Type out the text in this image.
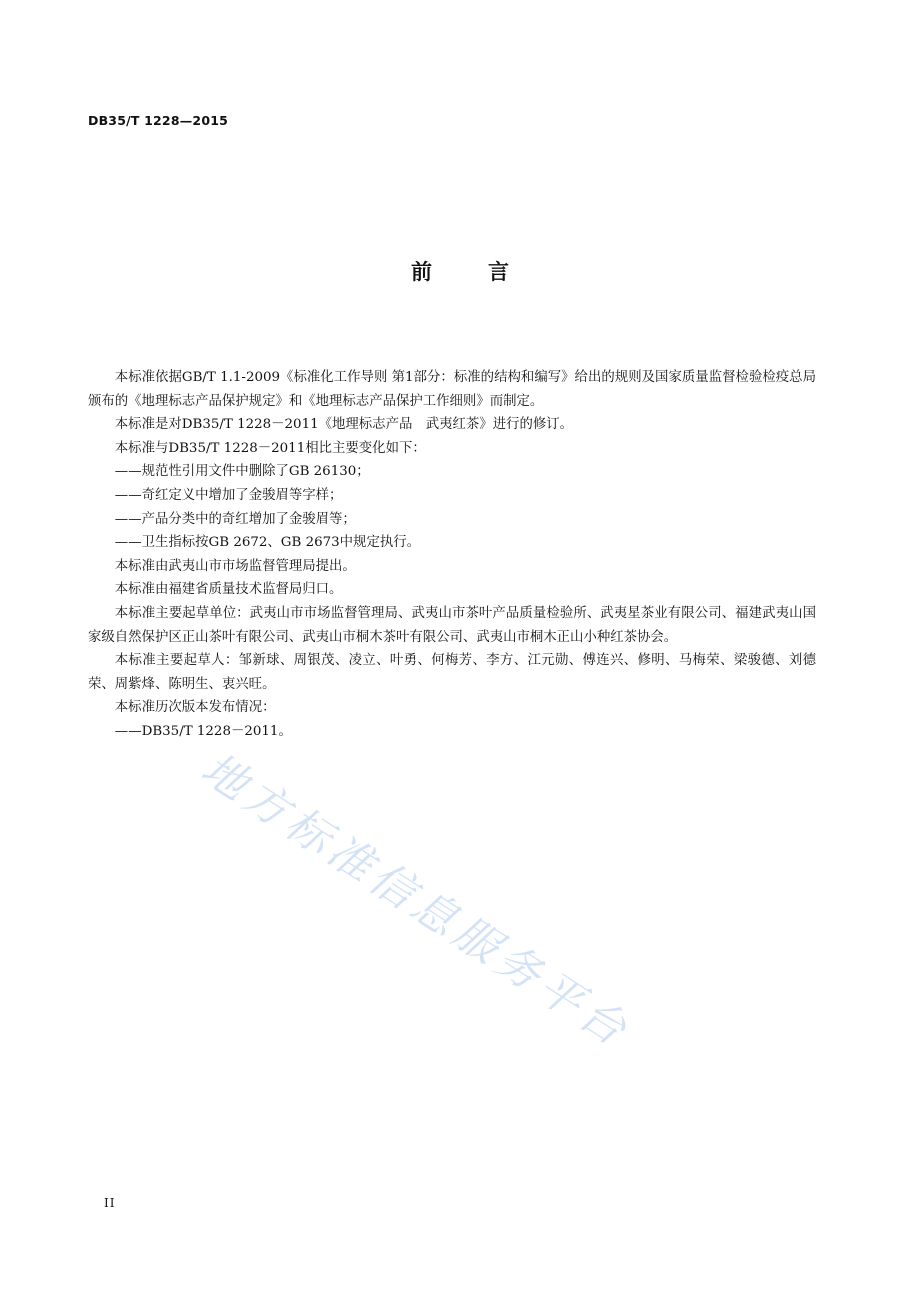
DB35/T 1228—2015
前	言

本标准依据GB/T 1.1-2009《标准化工作导则 第1部分：标准的结构和编写》给出的规则及国家质量监督检验检疫总局颁布的《地理标志产品保护规定》和《地理标志产品保护工作细则》而制定。

本标准是对DB35/T 1228－2011《地理标志产品　武夷红茶》进行的修订。

本标准与DB35/T 1228－2011相比主要变化如下：

——规范性引用文件中删除了GB 26130；

——奇红定义中增加了金骏眉等字样；

——产品分类中的奇红增加了金骏眉等；

——卫生指标按GB 2672、GB 2673中规定执行。

本标准由武夷山市市场监督管理局提出。

本标准由福建省质量技术监督局归口。

本标准主要起草单位：武夷山市市场监督管理局、武夷山市茶叶产品质量检验所、武夷星茶业有限公司、福建武夷山国家级自然保护区正山茶叶有限公司、武夷山市桐木茶叶有限公司、武夷山市桐木正山小种红茶协会。

本标准主要起草人：邹新球、周银茂、凌立、叶勇、何梅芳、李方、江元勋、傅连兴、修明、马梅荣、梁骏德、刘德荣、周紫烽、陈明生、衷兴旺。

本标准历次版本发布情况：

——DB35/T 1228－2011。

地方标准信息服务平台
II
